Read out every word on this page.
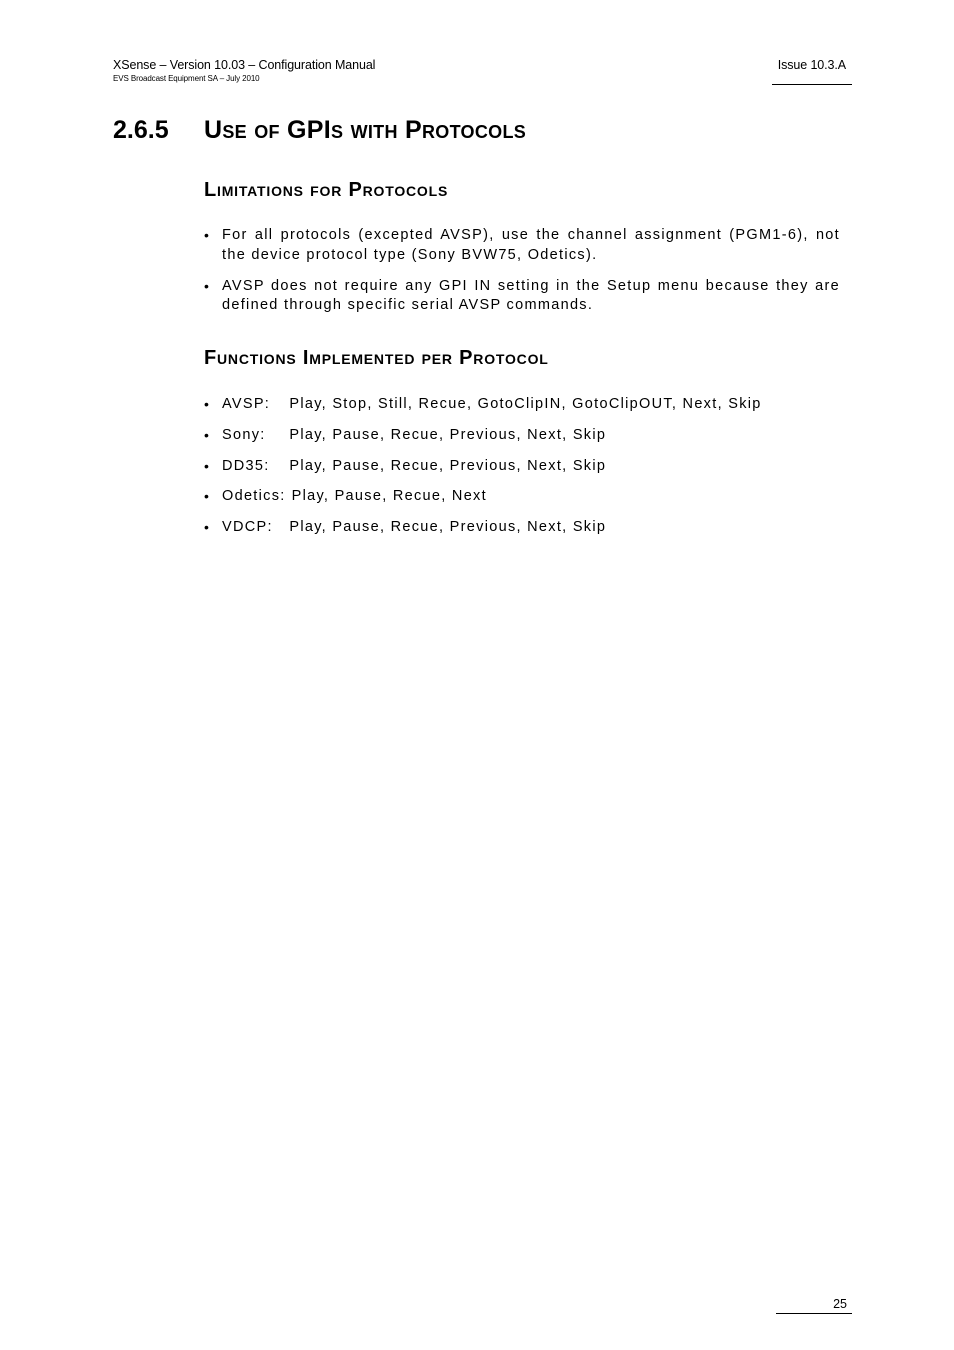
XSense – Version 10.03 – Configuration Manual
EVS Broadcast Equipment SA – July 2010
Issue 10.3.A
2.6.5 Use of GPIs with Protocols
Limitations for Protocols
• For all protocols (excepted AVSP), use the channel assignment (PGM1-6), not the device protocol type (Sony BVW75, Odetics).
• AVSP does not require any GPI IN setting in the Setup menu because they are defined through specific serial AVSP commands.
Functions Implemented per Protocol
• AVSP: Play, Stop, Still, Recue, GotoClipIN, GotoClipOUT, Next, Skip
• Sony: Play, Pause, Recue, Previous, Next, Skip
• DD35: Play, Pause, Recue, Previous, Next, Skip
• Odetics: Play, Pause, Recue, Next
• VDCP: Play, Pause, Recue, Previous, Next, Skip
25
